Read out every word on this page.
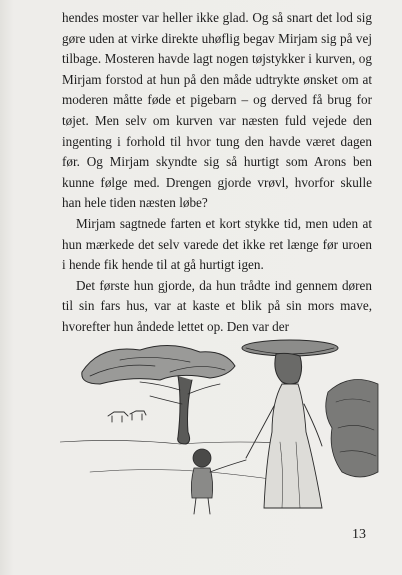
hendes moster var heller ikke glad. Og så snart det lod sig gøre uden at virke direkte uhøflig begav Mirjam sig på vej tilbage. Mosteren havde lagt nogen tøjstykker i kurven, og Mirjam forstod at hun på den måde udtrykte ønsket om at moderen måtte føde et pigebarn – og derved få brug for tøjet. Men selv om kurven var næsten fuld vejede den ingenting i forhold til hvor tung den havde været dagen før. Og Mirjam skyndte sig så hurtigt som Arons ben kunne følge med. Drengen gjorde vrøvl, hvorfor skulle han hele tiden næsten løbe?

Mirjam sagtnede farten et kort stykke tid, men uden at hun mærkede det selv varede det ikke ret længe før uroen i hende fik hende til at gå hurtigt igen.

Det første hun gjorde, da hun trådte ind gennem døren til sin fars hus, var at kaste et blik på sin mors mave, hvorefter hun åndede lettet op. Den var der

13
